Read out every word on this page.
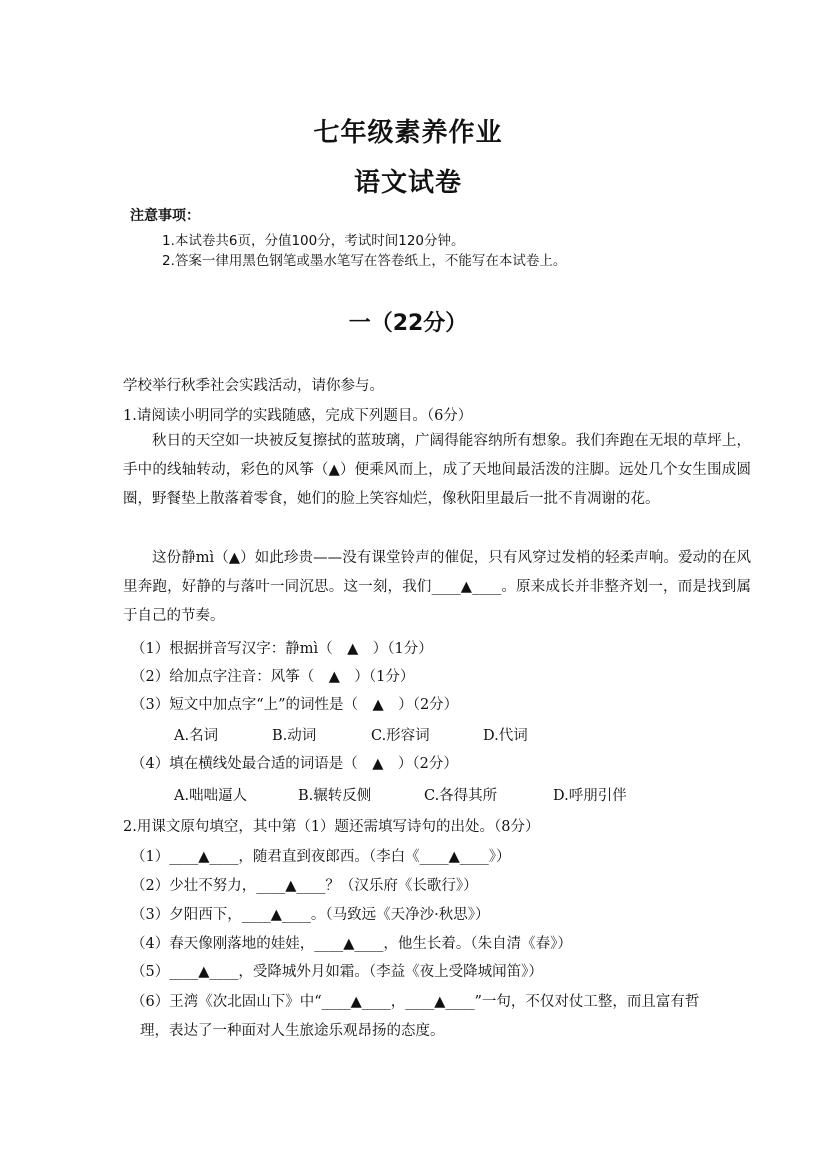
七年级素养作业
语文试卷
注意事项：
1.本试卷共6页，分值100分，考试时间120分钟。
2.答案一律用黑色钢笔或墨水笔写在答卷纸上，不能写在本试卷上。
一（22分）
学校举行秋季社会实践活动，请你参与。
1.请阅读小明同学的实践随感，完成下列题目。（6分）
秋日的天空如一块被反复擦拭的蓝玻璃，广阔得能容纳所有想象。我们奔跑在无垠的草坪上，手中的线轴转动，彩色的风筝（▲）便乘风而上，成了天地间最活泼的注脚。远处几个女生围成圆圈，野餐垫上散落着零食，她们的脸上笑容灿烂，像秋阳里最后一批不肯凋谢的花。
这份静mì（▲）如此珍贵——没有课堂铃声的催促，只有风穿过发梢的轻柔声响。爱动的在风里奔跑，好静的与落叶一同沉思。这一刻，我们____▲____。原来成长并非整齐划一，而是找到属于自己的节奏。
（1）根据拼音写汉字：静mì（　▲　）（1分）
（2）给加点字注音：风筝（　▲　）（1分）
（3）短文中加点字“上”的词性是（　▲　）（2分）
A.名词	B.动词	C.形容词	D.代词
（4）填在横线处最合适的词语是（　▲　）（2分）
A.咄咄逼人	B.辗转反侧	C.各得其所	D.呼朋引伴
2.用课文原句填空，其中第（1）题还需填写诗句的出处。（8分）
（1）____▲____，随君直到夜郎西。（李白《____▲____》）
（2）少壮不努力，____▲____？（汉乐府《长歌行》）
（3）夕阳西下，____▲____。（马致远《天净沙·秋思》）
（4）春天像刚落地的娃娃，____▲____，他生长着。（朱自清《春》）
（5）____▲____，受降城外月如霜。（李益《夜上受降城闻笛》）
（6）王湾《次北固山下》中“____▲____，____▲____”一句，不仅对仗工整，而且富有哲
理，表达了一种面对人生旅途乐观昂扬的态度。
